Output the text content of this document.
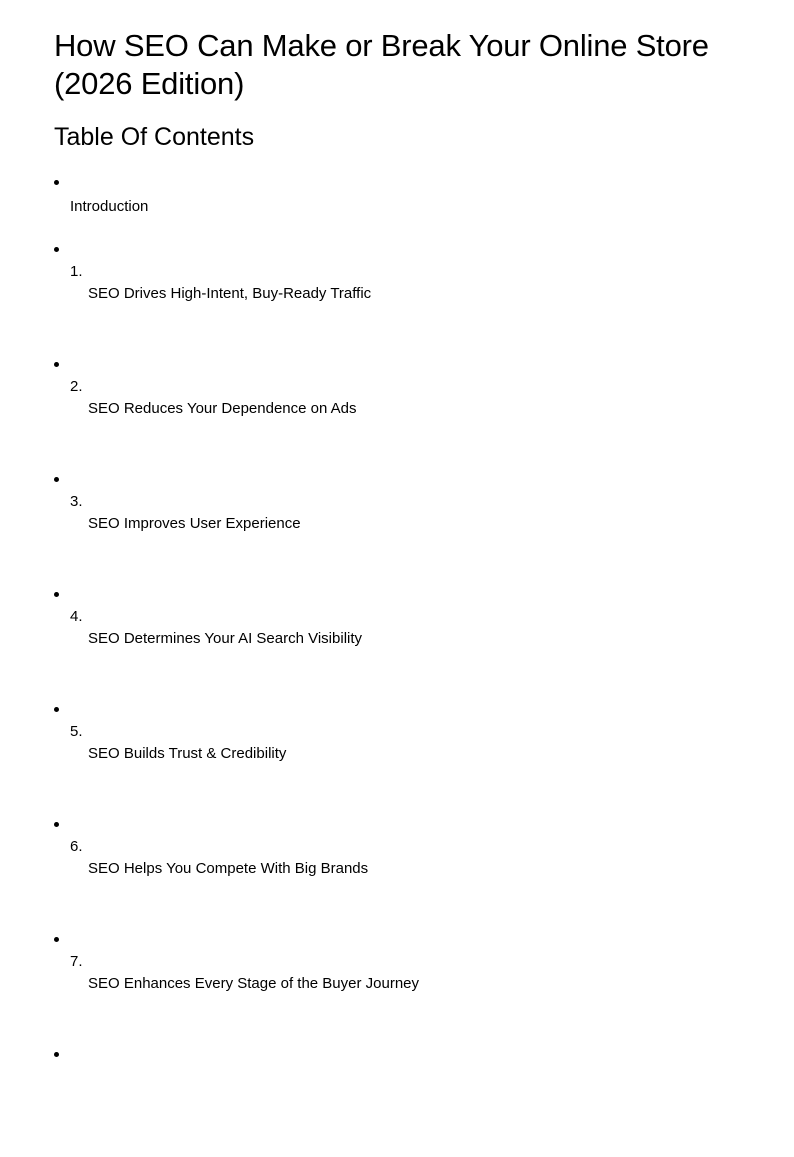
How SEO Can Make or Break Your Online Store (2026 Edition)
Table Of Contents
Introduction
1.
SEO Drives High-Intent, Buy-Ready Traffic
2.
SEO Reduces Your Dependence on Ads
3.
SEO Improves User Experience
4.
SEO Determines Your AI Search Visibility
5.
SEO Builds Trust & Credibility
6.
SEO Helps You Compete With Big Brands
7.
SEO Enhances Every Stage of the Buyer Journey
